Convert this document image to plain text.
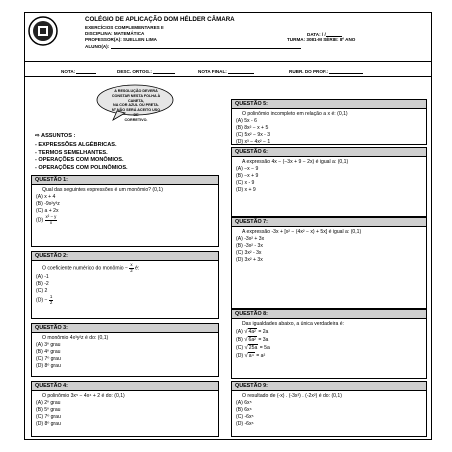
COLÉGIO DE APLICAÇÃO DOM HÉLDER CÂMARA
EXERCÍCIOS COMPLEMENTARES II
DISCIPLINA: MATEMÁTICA
PROFESSOR(A): SUELLEN LIMA
ALUNO(A):
DATA: / /
TURMA: 3081-M SÉRIE: 8º ANO
NOTA:	DESC. ORTOG.:	NOTA FINAL:	RUBR. DO PROF.:
A RESOLUÇÃO DEVERÁ
CONSTAR NESTA FOLHA À CANETA,
NA COR AZUL OU PRETA.
Nº NÃO SERÁ ACEITO USO DE
CORRETIVO.
⇨ ASSUNTOS :
- EXPRESSÕES ALGÉBRICAS.
- TERMOS SEMELHANTES.
- OPERAÇÕES COM MONÔMIOS.
- OPERAÇÕES COM POLINÔMIOS.
QUESTÃO 1:
Qual das seguintes expressões é um monômio? (0,1)
(A) x + 4
(B) -9x²y³z
(C) a + 2x
$(D) \frac{\text{x² − y}}{x}$
QUESTÃO 2:
O coeficiente numérico do monômio − $\frac{x}{2}$ é:
(A) -1
(B) -2
(C) 2
$(D) - \frac{1}{2}$
QUESTÃO 3:
O monômio 4x³y²z é do: (0,1)
(A) 3º grau
(B) 4º grau
(C) 7º grau
(D) 8º grau
QUESTÃO 4:
O polinômio 3x⁵ − 4x⁴ + 2 é do: (0,1)
(A) 2º grau
(B) 5º grau
(C) 7º grau
(D) 8º grau
QUESTÃO 5:
O polinômio incompleto em relação a x é: (0,1)
(A) 5x - 6
(B) 8x² − x + 5
(C) 5x² − 9x - 3
(D) x³ − 4x² − 1
QUESTÃO 6:
A expressão 4x − (−3x + 9 − 2x) é igual a: (0,1)
(A) −x − 9
(B) −x + 9
(C) x - 9
(D) x + 9
QUESTÃO 7:
A expressão -3x + [x² − (4x² − x) + 5x] é igual a: (0,1)
(A) -3x² + 3x
(B) -3x² - 3x
(C) 3x² - 3x
(D) 3x² + 3x
QUESTÃO 8:
Das igualdades abaixo, a única verdadeira é:
(A) √4a² = 2a
(B) √6a² = 3a
(C) √25a = 5a
(D) √a⁴ = a²
QUESTÃO 9:
O resultado de (-x) . (-3x³) . (-2x²) é do: (0,1)
(A) 6x⁵
(B) 6x⁶
(C) -6x⁵
(D) -6x⁶
